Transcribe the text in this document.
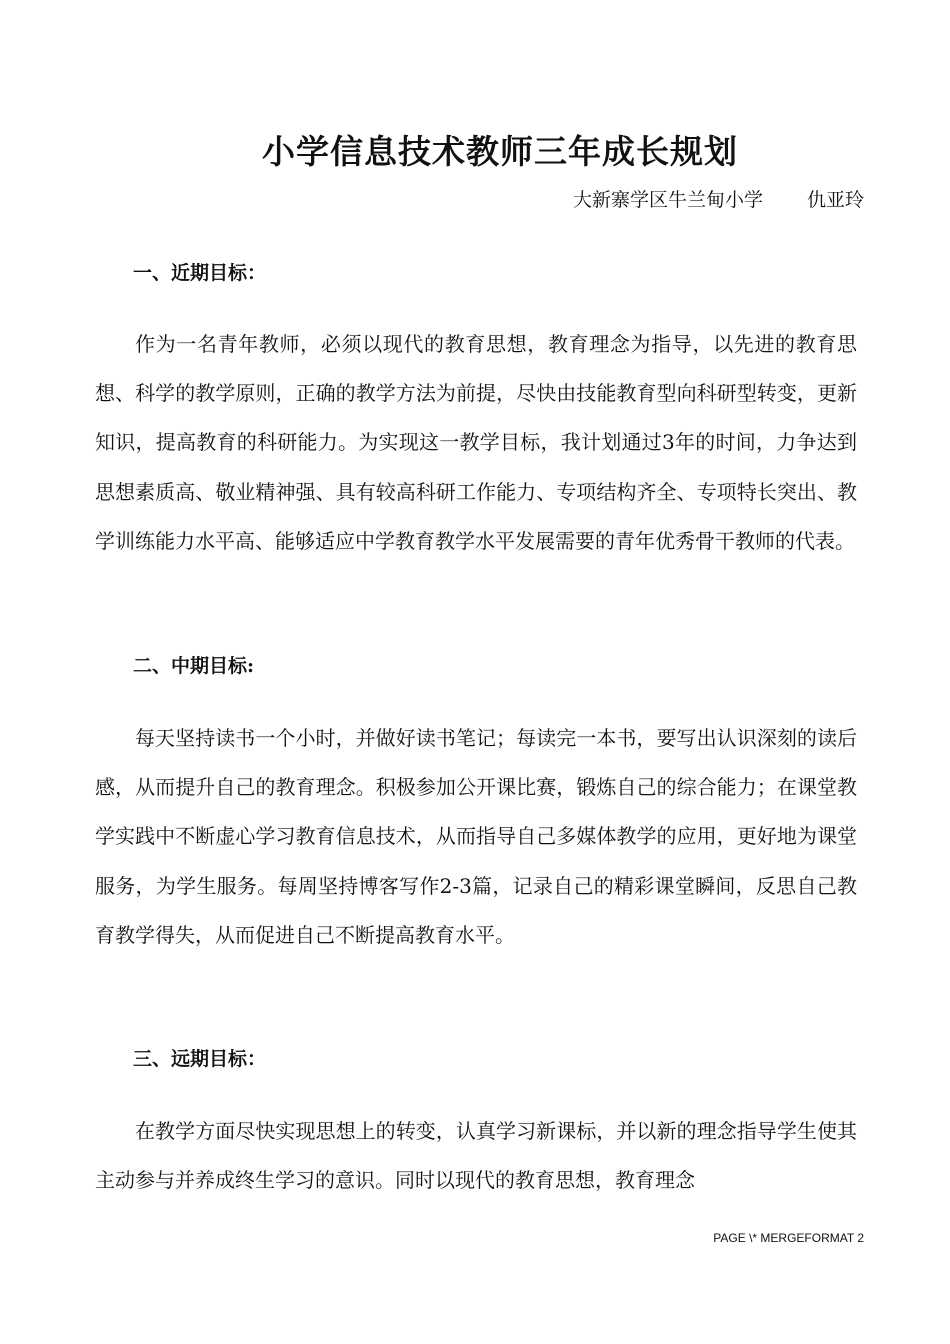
小学信息技术教师三年成长规划
大新寨学区牛兰甸小学 仇亚玲
一、近期目标：

作为一名青年教师，必须以现代的教育思想，教育理念为指导，以先进的教育思想、科学的教学原则，正确的教学方法为前提，尽快由技能教育型向科研型转变，更新知识，提高教育的科研能力。为实现这一教学目标，我计划通过3年的时间，力争达到思想素质高、敬业精神强、具有较高科研工作能力、专项结构齐全、专项特长突出、教学训练能力水平高、能够适应中学教育教学水平发展需要的青年优秀骨干教师的代表。

二、中期目标:

每天坚持读书一个小时，并做好读书笔记；每读完一本书，要写出认识深刻的读后感，从而提升自己的教育理念。积极参加公开课比赛，锻炼自己的综合能力；在课堂教学实践中不断虚心学习教育信息技术，从而指导自己多媒体教学的应用，更好地为课堂服务，为学生服务。每周坚持博客写作2-3篇，记录自己的精彩课堂瞬间，反思自己教育教学得失，从而促进自己不断提高教育水平。

三、远期目标：

在教学方面尽快实现思想上的转变，认真学习新课标，并以新的理念指导学生使其主动参与并养成终生学习的意识。同时以现代的教育思想，教育理念

PAGE \* MERGEFORMAT 2
